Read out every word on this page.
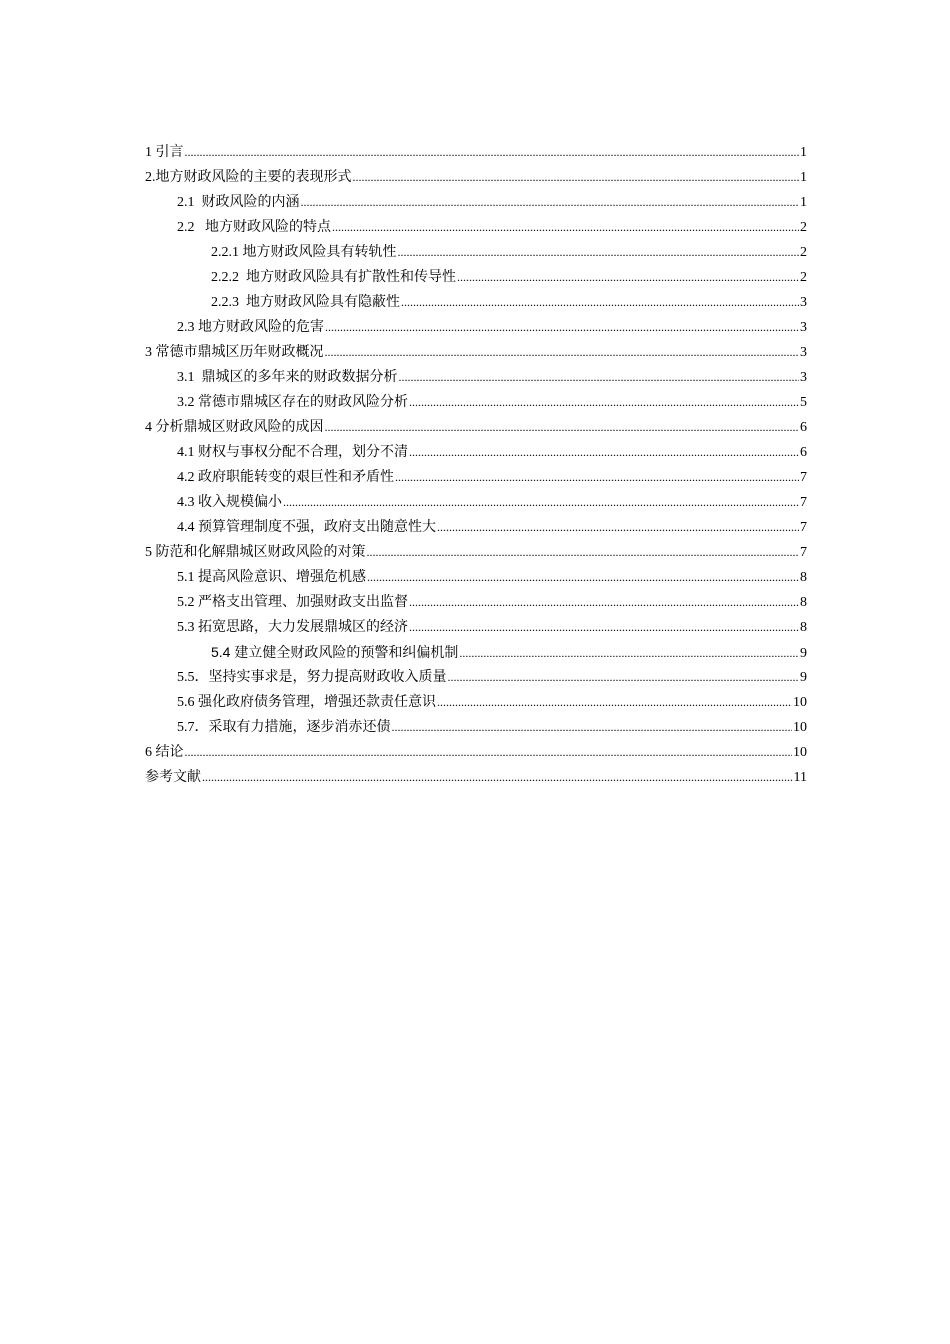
1 引言 .....	1
2. 地方财政风险的主要的表现形式 .....	1
2.1 财政风险的内涵 .....	1
2.2 地方财政风险的特点 .....	2
2.2.1 地方财政风险具有转轨性 .....	2
2.2.2 地方财政风险具有扩散性和传导性 .....	2
2.2.3 地方财政风险具有隐蔽性 .....	3
2.3 地方财政风险的危害 .....	3
3 常德市鼎城区历年财政概况 .....	3
3.1 鼎城区的多年来的财政数据分析 .....	3
3.2 常德市鼎城区存在的财政风险分析 .....	5
4 分析鼎城区财政风险的成因 .....	6
4.1 财权与事权分配不合理，划分不清 .....	6
4.2 政府职能转变的艰巨性和矛盾性 .....	7
4.3 收入规模偏小 .....	7
4.4 预算管理制度不强，政府支出随意性大 .....	7
5 防范和化解鼎城区财政风险的对策 .....	7
5.1 提高风险意识、增强危机感 .....	8
5.2 严格支出管理、加强财政支出监督 .....	8
5.3 拓宽思路，大力发展鼎城区的经济 .....	8
5.4 建立健全财政风险的预警和纠偏机制 .....	9
5.5． 坚持实事求是，努力提高财政收入质量 .....	9
5.6 强化政府债务管理，增强还款责任意识 .....	10
5.7． 采取有力措施，逐步消赤还债 .....	10
6 结论 .....	10
参考文献 .....	11
